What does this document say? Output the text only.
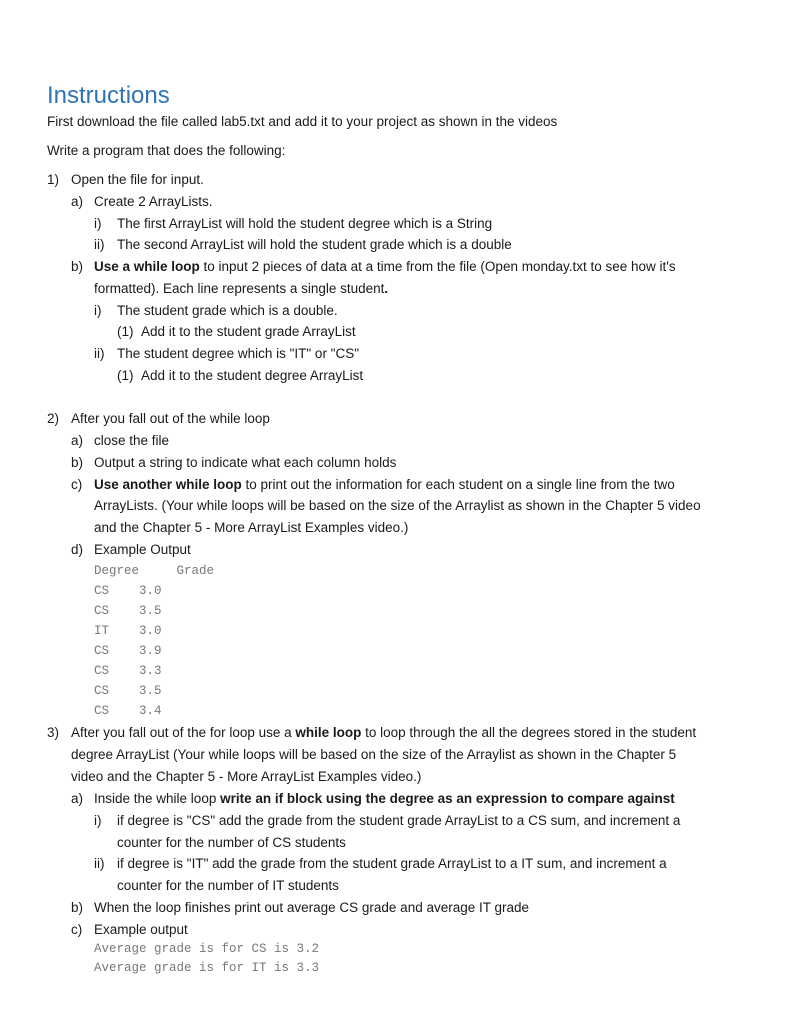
Instructions
First download the file called lab5.txt and add it to your project as shown in the videos
Write a program that does the following:
1) Open the file for input.
a) Create 2 ArrayLists.
i) The first ArrayList will hold the student degree which is a String
ii) The second ArrayList will hold the student grade which is a double
b) Use a while loop to input 2 pieces of data at a time from the file (Open monday.txt to see how it's
formatted). Each line represents a single student.
i) The student grade which is a double.
(1) Add it to the student grade ArrayList
ii) The student degree which is "IT" or "CS"
(1) Add it to the student degree ArrayList
2) After you fall out of the while loop
a) close the file
b) Output a string to indicate what each column holds
c) Use another while loop to print out the information for each student on a single line from the two
ArrayLists. (Your while loops will be based on the size of the Arraylist as shown in the Chapter 5 video
and the Chapter 5 - More ArrayList Examples video.)
d) Example Output
Degree     Grade
CS    3.0
CS    3.5
IT    3.0
CS    3.9
CS    3.3
CS    3.5
CS    3.4
3) After you fall out of the for loop use a while loop to loop through the all the degrees stored in the student
degree ArrayList (Your while loops will be based on the size of the Arraylist as shown in the Chapter 5
video and the Chapter 5 - More ArrayList Examples video.)
a) Inside the while loop write an if block using the degree as an expression to compare against
i) if degree is "CS" add the grade from the student grade ArrayList to a CS sum, and increment a
counter for the number of CS students
ii) if degree is "IT" add the grade from the student grade ArrayList to a IT sum, and increment a
counter for the number of IT students
b) When the loop finishes print out average CS grade and average IT grade
c) Example output
Average grade is for CS is 3.2
Average grade is for IT is 3.3
